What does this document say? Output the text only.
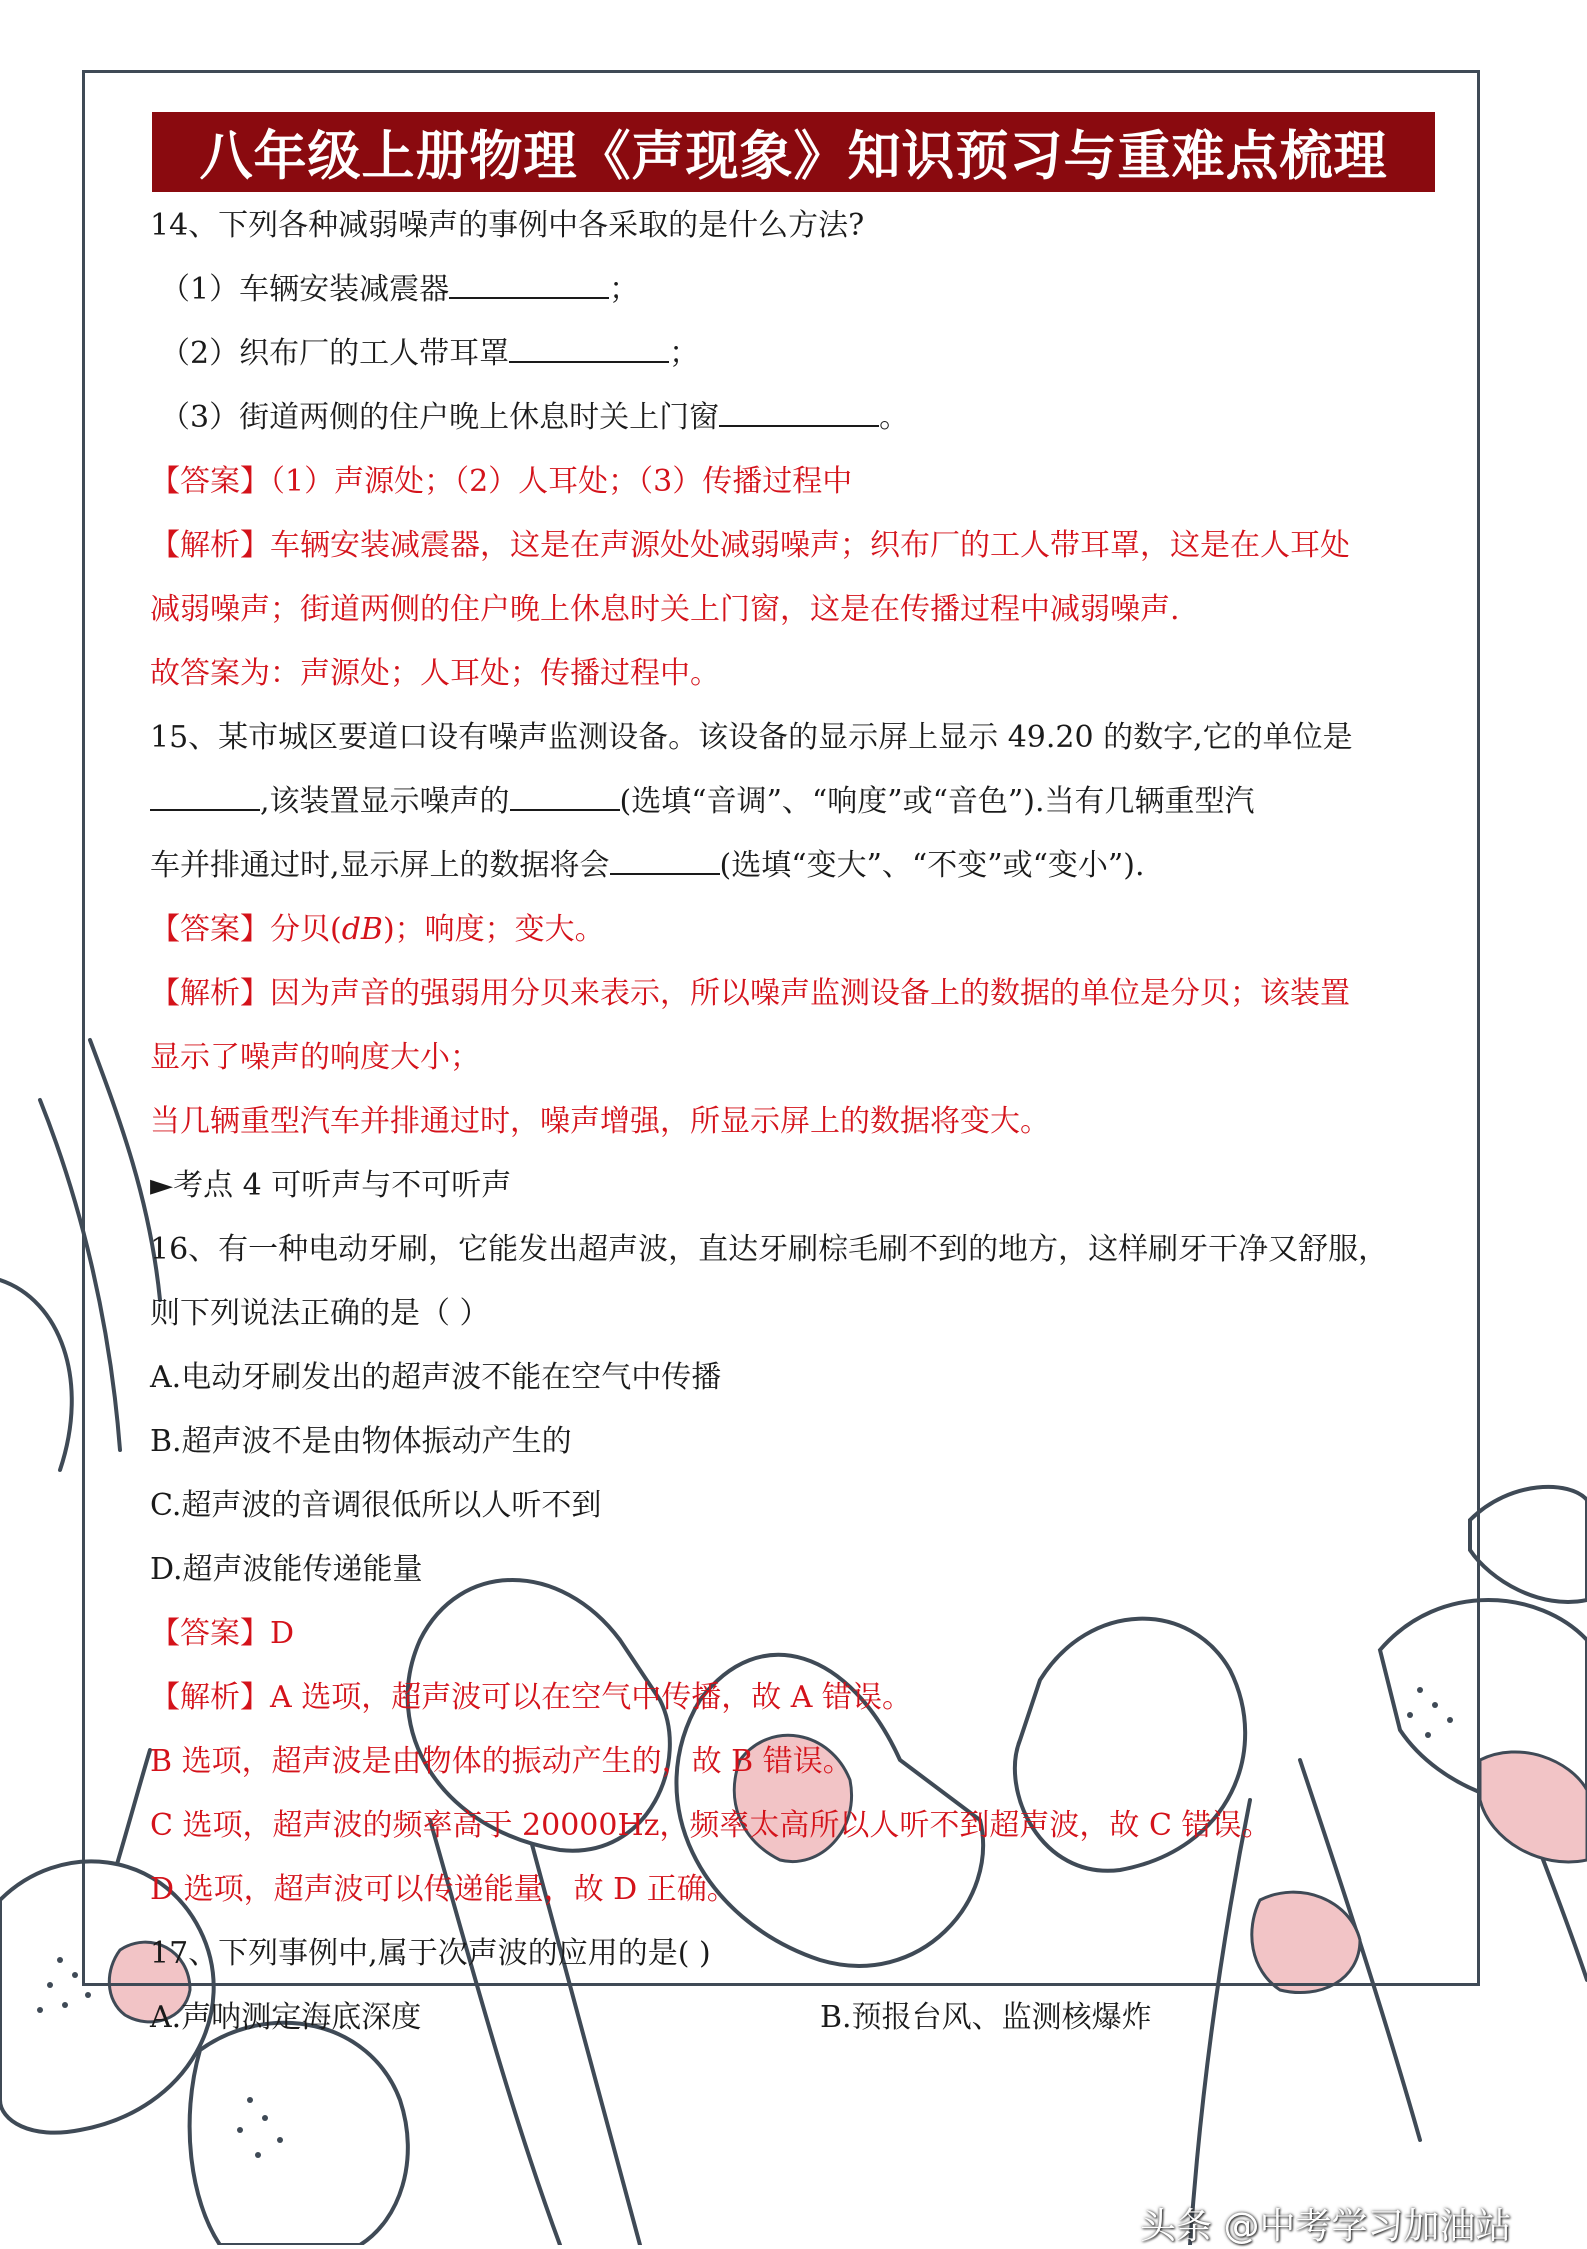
八年级上册物理《声现象》知识预习与重难点梳理
14、下列各种减弱噪声的事例中各采取的是什么方法?
（1）车辆安装减震器	；
（2）织布厂的工人带耳罩	；
（3）街道两侧的住户晚上休息时关上门窗	。
【答案】（1）声源处；（2）人耳处；（3）传播过程中
【解析】车辆安装减震器，这是在声源处处减弱噪声；织布厂的工人带耳罩，这是在人耳处
减弱噪声；街道两侧的住户晚上休息时关上门窗，这是在传播过程中减弱噪声.
故答案为：声源处；人耳处；传播过程中。
15、某市城区要道口设有噪声监测设备。该设备的显示屏上显示 49.20 的数字,它的单位是
,该装置显示噪声的	(选填“音调”、“响度”或“音色”).当有几辆重型汽
车并排通过时,显示屏上的数据将会	(选填“变大”、“不变”或“变小”).
【答案】分贝(dB)；响度；变大。
【解析】因为声音的强弱用分贝来表示，所以噪声监测设备上的数据的单位是分贝；该装置
显示了噪声的响度大小；
当几辆重型汽车并排通过时，噪声增强，所显示屏上的数据将变大。
►考点 4 可听声与不可听声
16、有一种电动牙刷，它能发出超声波，直达牙刷棕毛刷不到的地方，这样刷牙干净又舒服，
则下列说法正确的是（ ）
A.电动牙刷发出的超声波不能在空气中传播
B.超声波不是由物体振动产生的
C.超声波的音调很低所以人听不到
D.超声波能传递能量
【答案】D
【解析】A 选项，超声波可以在空气中传播，故 A 错误。
B 选项，超声波是由物体的振动产生的，故 B 错误。
C 选项，超声波的频率高于 20000Hz，频率太高所以人听不到超声波，故 C 错误。
D 选项，超声波可以传递能量，故 D 正确。
17、下列事例中,属于次声波的应用的是( )
A.声呐测定海底深度	B.预报台风、监测核爆炸
头条 @中考学习加油站
